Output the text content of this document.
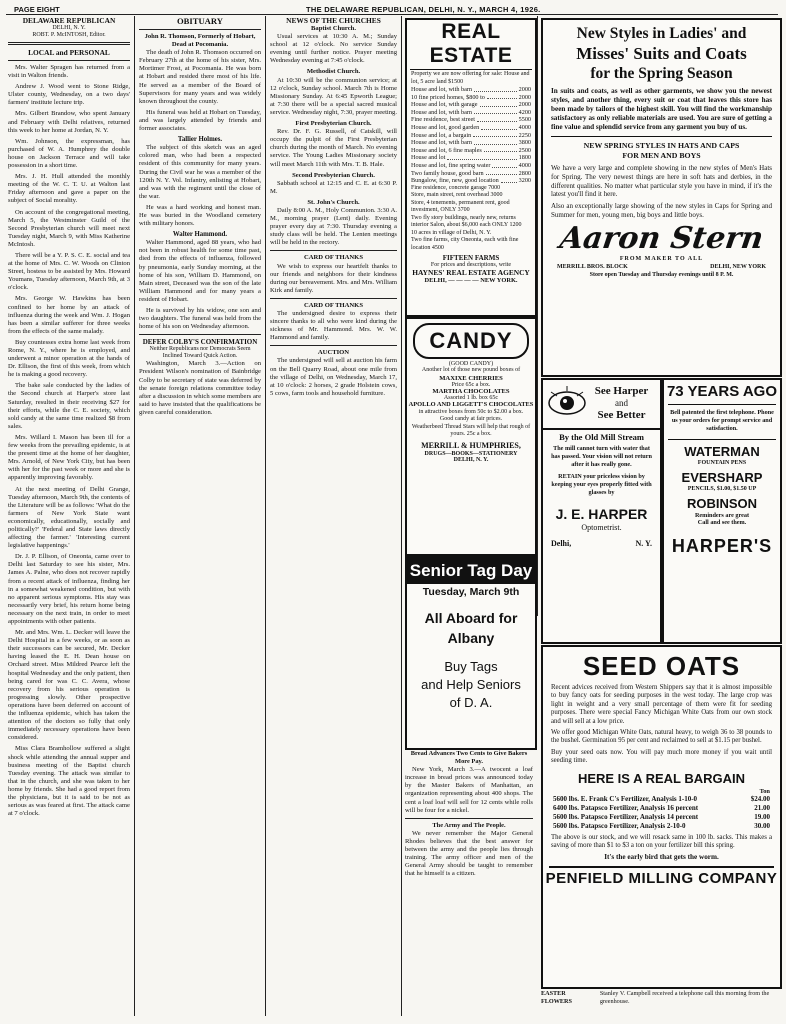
PAGE EIGHT	THE DELAWARE REPUBLICAN, DELHI, N. Y., MARCH 4, 1926.
DELAWARE REPUBLICAN
DELHI, N. Y.
ROBT. P. McINTOSH, Editor.
LOCAL and PERSONAL

Mrs. Walter Spragen has returned from a visit in Walton friends.

Andrew J. Wood went to Stone Ridge, Ulster county, Wednesday, on a two days' farmers' institute lecture trip.

Mrs. Gilbert Brandow, who spent January and February with Delhi relatives, returned this week to her home at Jordan, N. Y.

Wm. Johnson, the expressman, has purchased of W. A. Humphrey the double house on Jackson Terrace and will take possession in a short time.

Mrs. J. H. Hull attended the monthly meeting of the W. C. T. U. at Walton last Friday afternoon and gave a paper on the subject of Social morality.

On account of the congregational meeting, March 5, the Westminster Guild of the Second Presbyterian church will meet next Tuesday night, March 9, with Miss Katherine McIntosh.

There will be a Y. P. S. C. E. social and tea at the home of Mrs. C. W. Woods on Clinton Street, hostess to be assisted by Mrs. Howard Youmans, Tuesday afternoon, March 9th, at 3 o'clock.

Mrs. George W. Hawkins has been confined to her home by an attack of influenza during the week and Wm. J. Hogan has been a similar sufferer for three weeks from the effects of the same malady.

Buy countesses extra home last week from Rome, N. Y., where he is employed, and underwent a minor operation at the hands of Dr. Ellison, the first of this week, from which he is making a good recovery.

The bake sale conducted by the ladies of the Second church at Harper's store last Saturday, resulted in their receiving $27 for their efforts, while the C. E. society, which sold candy at the same time realized $8 from sales.

Mrs. Willard I. Mason has been ill for a few weeks from the prevailing epidemic, is at the present time at the home of her daughter, Mrs. Arnold, of New York City, but has been with her for the past week or more and she is apparently improving favorably.

At the next meeting of Delhi Grange, Tuesday afternoon, March 9th, the contents of the Literature will be as follows: 'What do the farmers of New York State want economically, educationally, socially and politically?' 'Federal and State laws directly affecting the farmer.' 'Interesting current legislative happenings.'

Dr. J. P. Ellison, of Oneonta, came over to Delhi last Saturday to see his sister, Mrs. James A. Palne, who does not recover rapidly from a recent attack of influenza, finding her in a somewhat weakened condition, but with no apparent serious symptoms. His stay was necessarily very brief, his return home being necessary on the next train, in order to meet appointments with other patients.

Mr. and Mrs. Wm. L. Decker will leave the Delhi Hospital in a few weeks, or as soon as their successors can be secured, Mr. Decker having leased the E. H. Dean house on Orchard street. Miss Mildred Pearce left the hospital Wednesday and the only patient, then being cared for was C. C. Avera, whose recovery from his serious operation is progressing slowly. Other prospective operations have been deferred on account of the influenza epidemic, which has taken the attention of the doctors so fully that only immediately necessary operations have been considered.

Miss Clara Bramhollow suffered a slight shock while attending the annual supper and business meeting of the Baptist church Tuesday evening. The attack was similar to that in the church, and she was taken to her home by friends. She had a good report from the physicians, but it is said to be not as serious as was feared at first. The attack came at 7 o'clock.

OBITUARY
John R. Thomson, Formerly of Hobart, Dead at Pocomania.

The death of John R. Thomson occurred on February 27th at the home of his sister, Mrs. Mortimer Frost, at Pocomania. He was born at Hobart and resided there most of his life. He served as a member of the Board of Supervisors for many years and was widely known throughout the county.

His funeral was held at Hobart on Tuesday, and was largely attended by friends and former associates.

Tallier Holmes.

The subject of this sketch was an aged colored man, who had been a respected resident of this community for many years. During the Civil war he was a member of the 120th N. Y. Vol. Infantry, enlisting at Hobart, and was with the regiment until the close of the war.

He was a hard working and honest man. He was buried in the Woodland cemetery with military honors.

Walter Hammond.

Walter Hammond, aged 88 years, who had not been in robust health for some time past, died from the effects of influenza, followed by pneumonia, early Sunday morning, at the home of his son, William D. Hammond, on Main street, Deceased was the son of the late William Hammond and for many years a resident of Hobart.

He is survived by his widow, one son and two daughters. The funeral was held from the home of his son on Wednesday afternoon.

DEFER COLBY'S CONFIRMATION
Neither Republicans nor Democrats Seem Inclined Toward Quick Action.

Washington, March 3.—Action on President Wilson's nomination of Bainbridge Colby to be secretary of state was deferred by the senate foreign relations committee today after a discussion in which some members are said to have insisted that the qualifications be given careful consideration.

NEWS OF THE CHURCHES
Baptist Church.

Usual services at 10:30 A. M.; Sunday school at 12 o'clock. No service Sunday evening until further notice. Prayer meeting Wednesday evening at 7:45 o'clock.

Methodist Church.

At 10:30 will be the communion service; at 12 o'clock, Sunday school. March 7th is Home Missionary Sunday. At 6:45 Epworth League; at 7:30 there will be a special sacred musical service. Wednesday night, 7:30, prayer meeting.

First Presbyterian Church.

Rev. Dr. F. G. Russell, of Catskill, will occupy the pulpit of the First Presbyterian church during the month of March. No evening service. The Young Ladies Missionary society will meet March 11th with Mrs. T. B. Hale.

Second Presbyterian Church.

Sabbath school at 12:15 and C. E. at 6:30 P. M.

St. John's Church.

Daily 8:00 A. M., Holy Communion. 3:30 A. M., morning prayer (Lent) daily. Evening prayer every day at 7:30. Thursday evening a study class will be held. The Lenten meetings will be held in the rectory.

CARD OF THANKS

We wish to express our heartfelt thanks to our friends and neighbors for their kindness during our bereavement. Mrs. and Mrs. William Kirk and family.

CARD OF THANKS

The undersigned desire to express their sincere thanks to all who were kind during the sickness of Mr. Hammond. Mrs. W. W. Hammond and family.

AUCTION

The undersigned will sell at auction his farm on the Bell Quarry Road, about one mile from the village of Delhi, on Wednesday, March 17, at 10 o'clock: 2 horses, 2 grade Holstein cows, 5 cows, farm tools and household furniture.

REAL ESTATE
Property we are now offering for sale: House and lot, 5 acre land $1500
House and lot, with barn	2000
10 fine priced homes, $800 to	2000
House and lot, with garage	2000
House and lot, with barn	4200
Fine residence, best street	5500
House and lot, good garden	4000
House and lot, a bargain	2250
House and lot, with barn	3800
House and lot, 6 fine maples	2500
House and lot	1800
House and lot, fine spring water	4000
Two family house, good barn	2800
Bungalow, fine, new, good location	3200
Fine residence, concrete garage 7000
Store, main street, rent overhead 3000
Store, 4 tenements, permanent rent, good investment, ONLY 3700
Two fly story buildings, nearly new, returns interior Salon, about $6,000 each ONLY 1200
10 acres in village of Delhi, N. Y.
Two fine farms, city Oneonta, each with fine location 4500
FIFTEEN FARMS
For prices and descriptions, write
HAYNES' REAL ESTATE AGENCY
DELHI, — — — — NEW YORK.
CANDY
(GOOD CANDY)
Another lot of those new pound boxes of
MAXIXE CHERRIES
Price 65c a box.
MARTHA CHOCOLATES
Assorted 1 lb. box 65c
APOLLO AND LIGGETT'S CHOCOLATES
in attractive boxes from 50c to $2.00 a box.
Good candy at fair prices.
Weatherbeed Thread Stars will help that rough of yours. 25c a box.
MERRILL & HUMPHRIES,
DRUGS—BOOKS—STATIONERY
DELHI, N. Y.
Senior Tag Day
Tuesday, March 9th
All Aboard for
Albany
Buy Tags
and Help Seniors
of D. A.
Bread Advances Two Cents to Give Bakers More Pay.

New York, March 3.—A twocent a loaf increase in bread prices was announced today by the Master Bakers of Manhattan, an organization representing about 400 shops. The cent a loaf loaf will sell for 12 cents while rolls will be four for a nickel.

The Army and The People.

We never remember the Major General Rhodes believes that the best answer for between the army and the people lies through training. The army officer and men of the General Army should be taught to remember that he himself is a citizen.

New Styles in Ladies' and
Misses' Suits and Coats
for the Spring Season
In suits and coats, as well as other garments, we show you the newest styles, and another thing, every suit or coat that leaves this store has been made by tailors of the highest skill. You will find the workmanship satisfactory as only reliable materials are used. You are sure of getting a fine value and splendid service from any garment you buy of us.
NEW SPRING STYLES IN HATS AND CAPS
FOR MEN AND BOYS
We have a very large and complete showing in the new styles of Men's Hats for Spring. The very newest things are here in soft hats and derbies, in the different qualities. No matter what particular style you have in mind, if it's the latest you'll find it here.
Also an exceptionally large showing of the new styles in Caps for Spring and Summer for men, young men, big boys and little boys.
Aaron Stern
FROM MAKER TO ALL
MERRILL BROS. BLOCK	DELHI, NEW YORK
Store open Tuesday and Thursday evenings until 8 P. M.
See Harper
and
See Better
By the Old Mill Stream
The mill cannot turn with water that has passed. Your vision will not return after it has really gone.
RETAIN your priceless vision by keeping your eyes properly fitted with glasses by
J. E. HARPER
Optometrist.
Delhi,	N. Y.
73 YEARS AGO
Bell patented the first telephone. Phone us your orders for prompt service and satisfaction.
WATERMAN
FOUNTAIN PENS
EVERSHARP
PENCILS, $1.00, $1.50 UP
ROBINSON
Reminders are great
Call and see them.
HARPER'S
SEED OATS
Recent advices received from Western Shippers say that it is almost impossible to buy fancy oats for seeding purposes in the west today. The large crop was light in weight and a very small percentage of them were fit for seeding purposes. There were special Fancy Michigan White Oats from our own stock and will sell at a low price.
We offer good Michigan White Oats, natural heavy, to weigh 36 to 38 pounds to the bushel. Germination 95 per cent and reclaimed to sell at $1.15 per bushel.
Buy your seed oats now. You will pay much more money if you wait until seeding time.
HERE IS A REAL BARGAIN
Ton
5600 lbs. E. Frank C's Fertilizer, Analysis 1-10-0	$24.00
6400 lbs. Patapsco Fertilizer, Analysis 16 percent	21.00
5600 lbs. Patapsco Fertilizer, Analysis 14 percent	19.00
5600 lbs. Patapsco Fertilizer, Analysis 2-10-0	30.00
The above is our stock, and we will resack same in 100 lb. sacks. This makes a saving of more than $1 to $3 a ton on your fertilizer bill this spring.
It's the early bird that gets the worm.
PENFIELD MILLING COMPANY
EASTER FLOWERS
Stanley V. Campbell received a telephone call this morning from the greenhouse.
